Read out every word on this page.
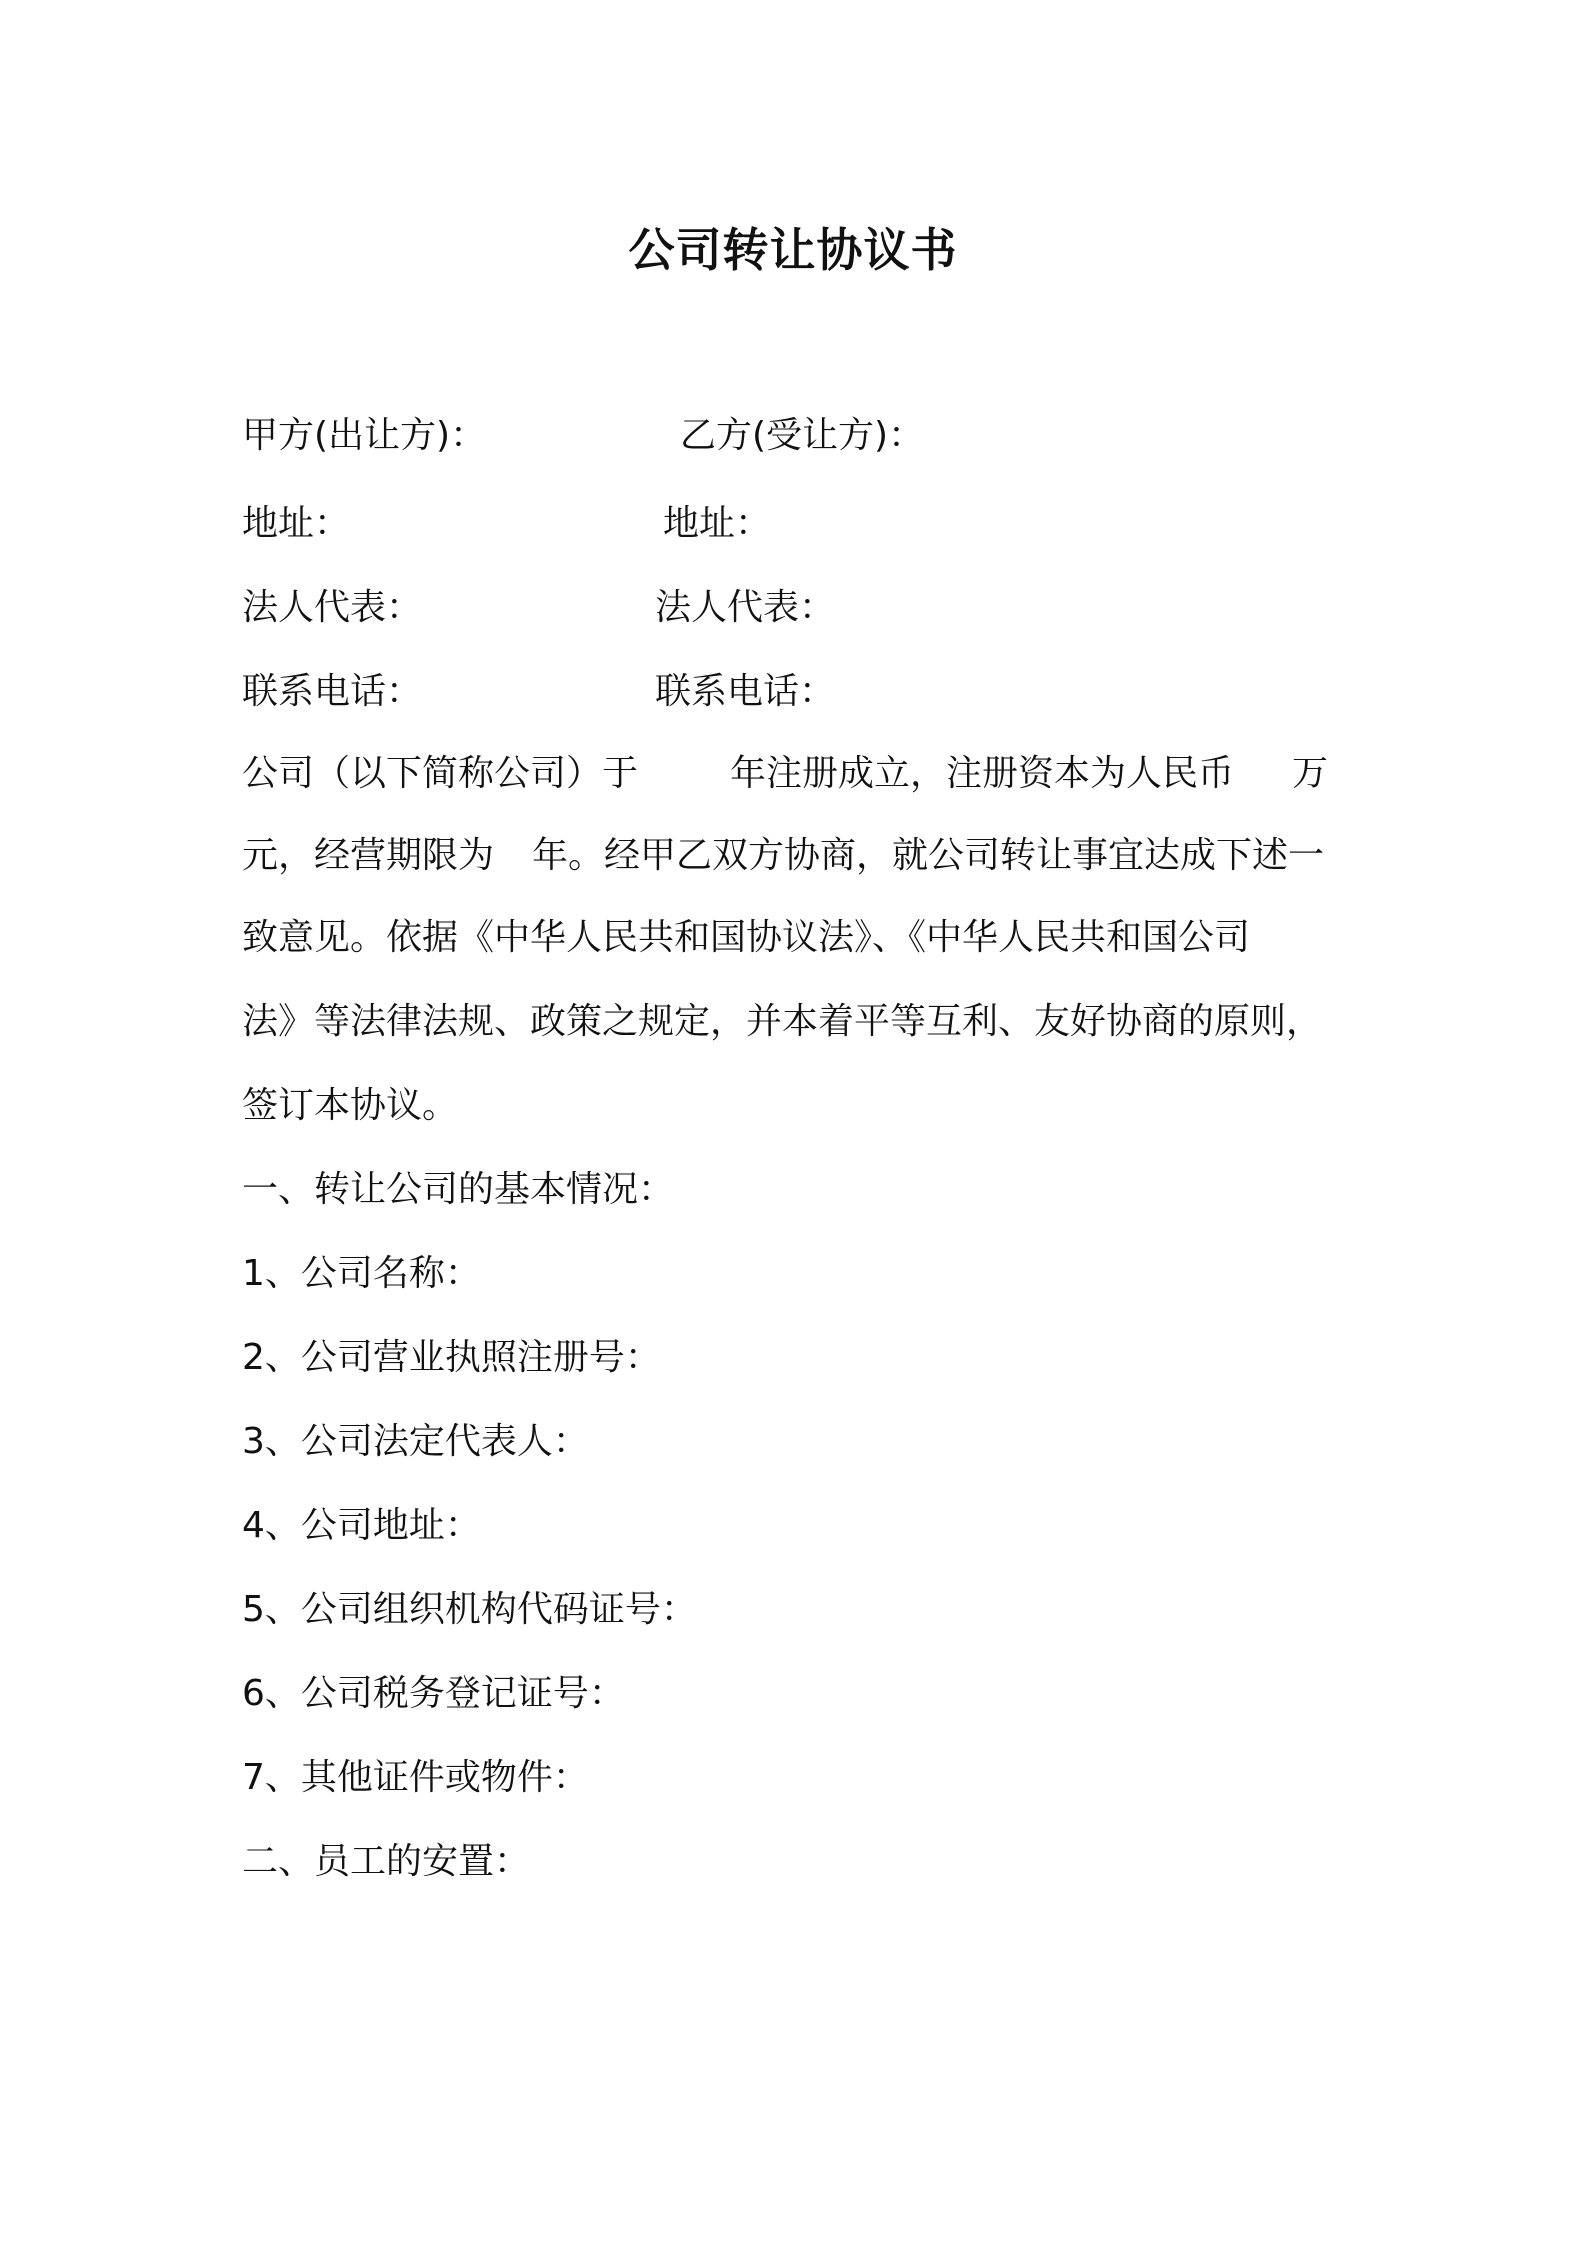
公司转让协议书
甲方(出让方)：	乙方(受让方)：
地址：	地址：
法人代表：	法人代表：
联系电话：	联系电话：
公司（以下简称公司）于	年注册成立，注册资本为人民币 万
元，经营期限为 年。经甲乙双方协商，就公司转让事宜达成下述一
致意见。依据《中华人民共和国协议法》、《中华人民共和国公司
法》等法律法规、政策之规定，并本着平等互利、友好协商的原则，
签订本协议。
一、转让公司的基本情况：
1、公司名称：
2、公司营业执照注册号：
3、公司法定代表人：
4、公司地址：
5、公司组织机构代码证号：
6、公司税务登记证号：
7、其他证件或物件：
二、员工的安置：
